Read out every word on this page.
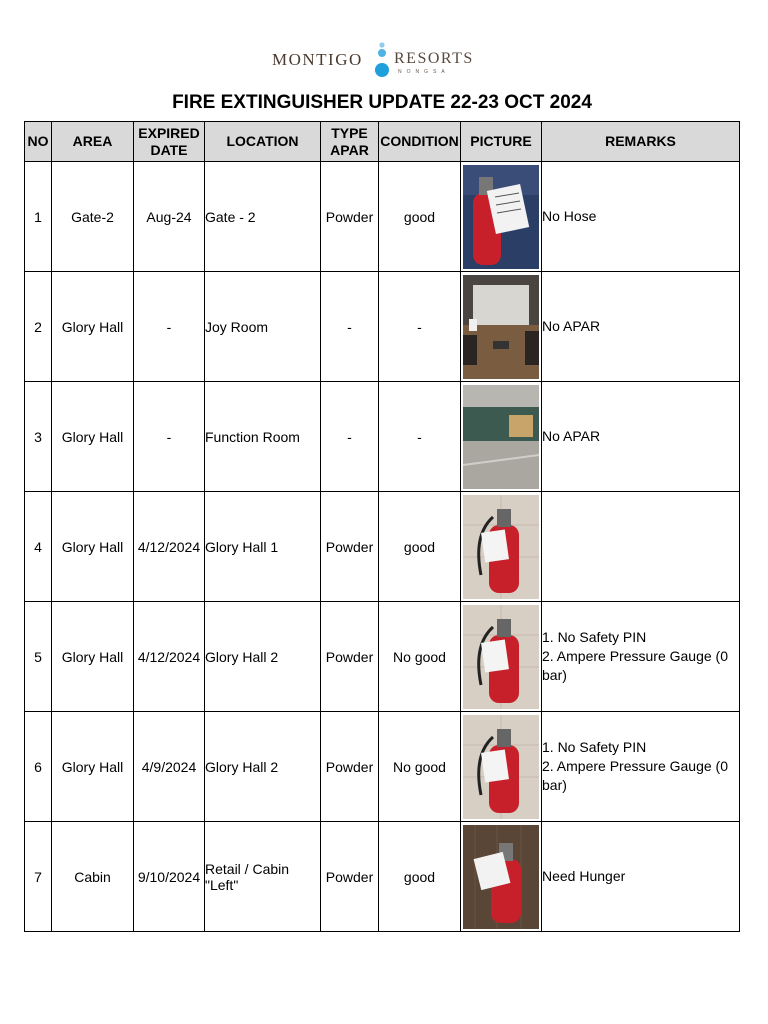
MONTIGO RESORTS
NONGSA
FIRE EXTINGUISHER UPDATE 22-23 OCT 2024
NO	AREA	EXPIRED DATE	LOCATION	TYPE APAR	CONDITION	PICTURE	REMARKS
1	Gate-2	Aug-24	Gate - 2	Powder	good		No Hose

2	Glory Hall	-	Joy Room	-	-		No APAR

3	Glory Hall	-	Function Room	-	-		No APAR

4	Glory Hall	4/12/2024	Glory Hall 1	Powder	good	

5	Glory Hall	4/12/2024	Glory Hall 2	Powder	No good		1. No Safety PIN
2. Ampere Pressure Gauge (0 bar)

6	Glory Hall	4/9/2024	Glory Hall 2	Powder	No good		1. No Safety PIN
2. Ampere Pressure Gauge (0 bar)

7	Cabin	9/10/2024	Retail / Cabin "Left"	Powder	good		Need Hunger
